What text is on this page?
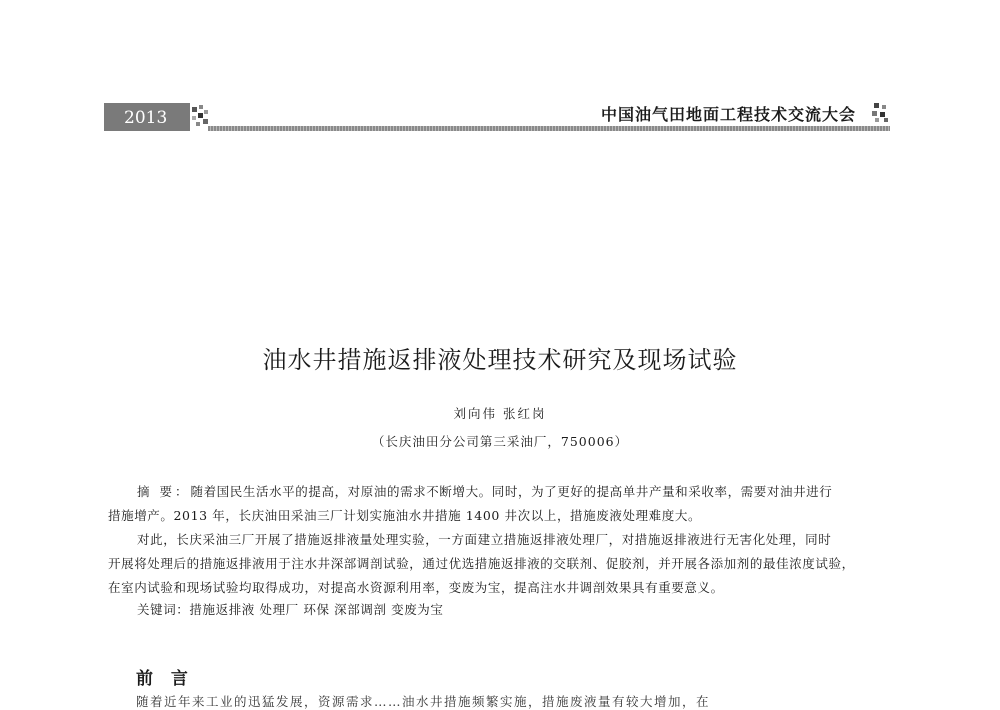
2013	中国油气田地面工程技术交流大会
油水井措施返排液处理技术研究及现场试验
刘向伟 张红岗
（长庆油田分公司第三采油厂，750006）
摘 要：随着国民生活水平的提高，对原油的需求不断增大。同时，为了更好的提高单井产量和采收率，需要对油井进行
措施增产。2013 年，长庆油田采油三厂计划实施油水井措施 1400 井次以上，措施废液处理难度大。
对此，长庆采油三厂开展了措施返排液量处理实验，一方面建立措施返排液处理厂，对措施返排液进行无害化处理，同时
开展将处理后的措施返排液用于注水井深部调剖试验，通过优选措施返排液的交联剂、促胶剂，并开展各添加剂的最佳浓度试验，
在室内试验和现场试验均取得成功，对提高水资源利用率，变废为宝，提高注水井调剖效果具有重要意义。
关键词：措施返排液 处理厂 环保 深部调剖 变废为宝
前 言
随着近年来工业的迅猛发展，资源需求……油水井措施频繁实施，措施废液量有较大增加，在
